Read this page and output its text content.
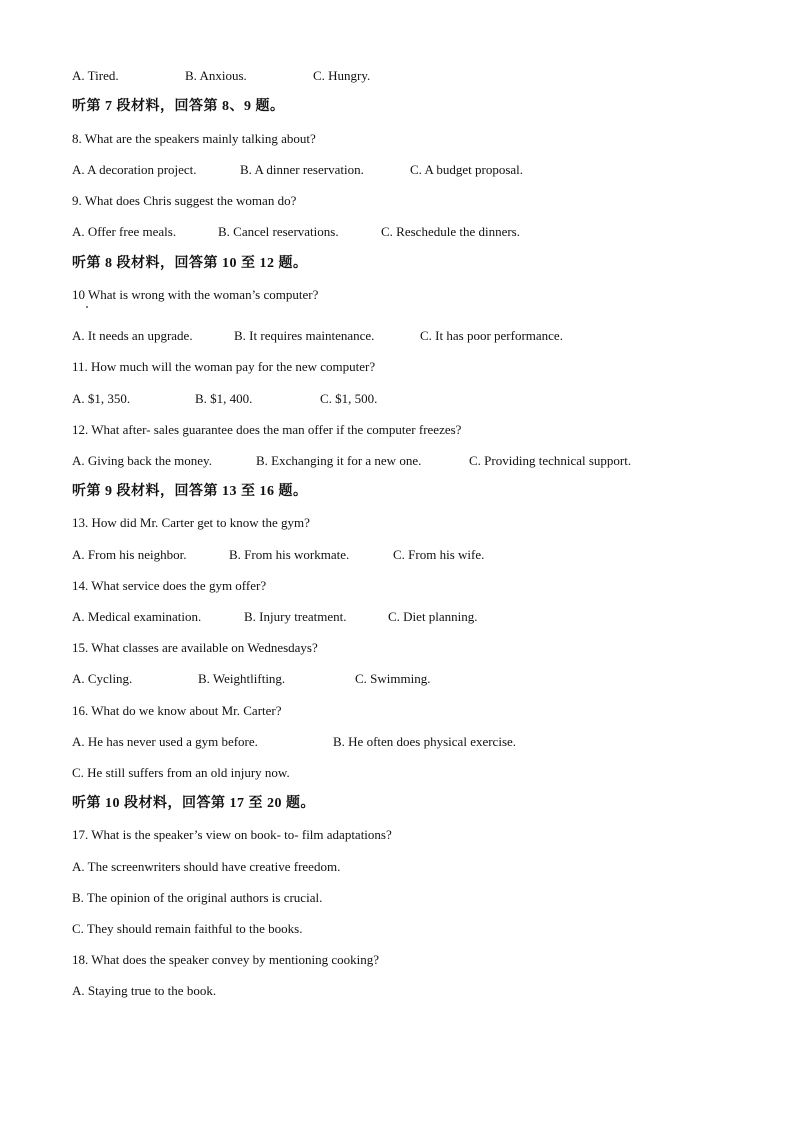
A. Tired.	B. Anxious.	C. Hungry.
听第 7 段材料，回答第 8、9 题。
8. What are the speakers mainly talking about?
A. A decoration project.	B. A dinner reservation.	C. A budget proposal.
9. What does Chris suggest the woman do?
A. Offer free meals.	B. Cancel reservations.	C. Reschedule the dinners.
听第 8 段材料，回答第 10 至 12 题。
10 What is wrong with the woman’s computer?
A. It needs an upgrade.	B. It requires maintenance.	C. It has poor performance.
11. How much will the woman pay for the new computer?
A. $1, 350.	B. $1, 400.	C. $1, 500.
12. What after- sales guarantee does the man offer if the computer freezes?
A. Giving back the money.	B. Exchanging it for a new one.	C. Providing technical support.
听第 9 段材料，回答第 13 至 16 题。
13. How did Mr. Carter get to know the gym?
A. From his neighbor.	B. From his workmate.	C. From his wife.
14. What service does the gym offer?
A. Medical examination.	B. Injury treatment.	C. Diet planning.
15. What classes are available on Wednesdays?
A. Cycling.	B. Weightlifting.	C. Swimming.
16. What do we know about Mr. Carter?
A. He has never used a gym before.	B. He often does physical exercise.
C. He still suffers from an old injury now.
听第 10 段材料，回答第 17 至 20 题。
17. What is the speaker’s view on book- to- film adaptations?
A. The screenwriters should have creative freedom.
B. The opinion of the original authors is crucial.
C. They should remain faithful to the books.
18. What does the speaker convey by mentioning cooking?
A. Staying true to the book.
